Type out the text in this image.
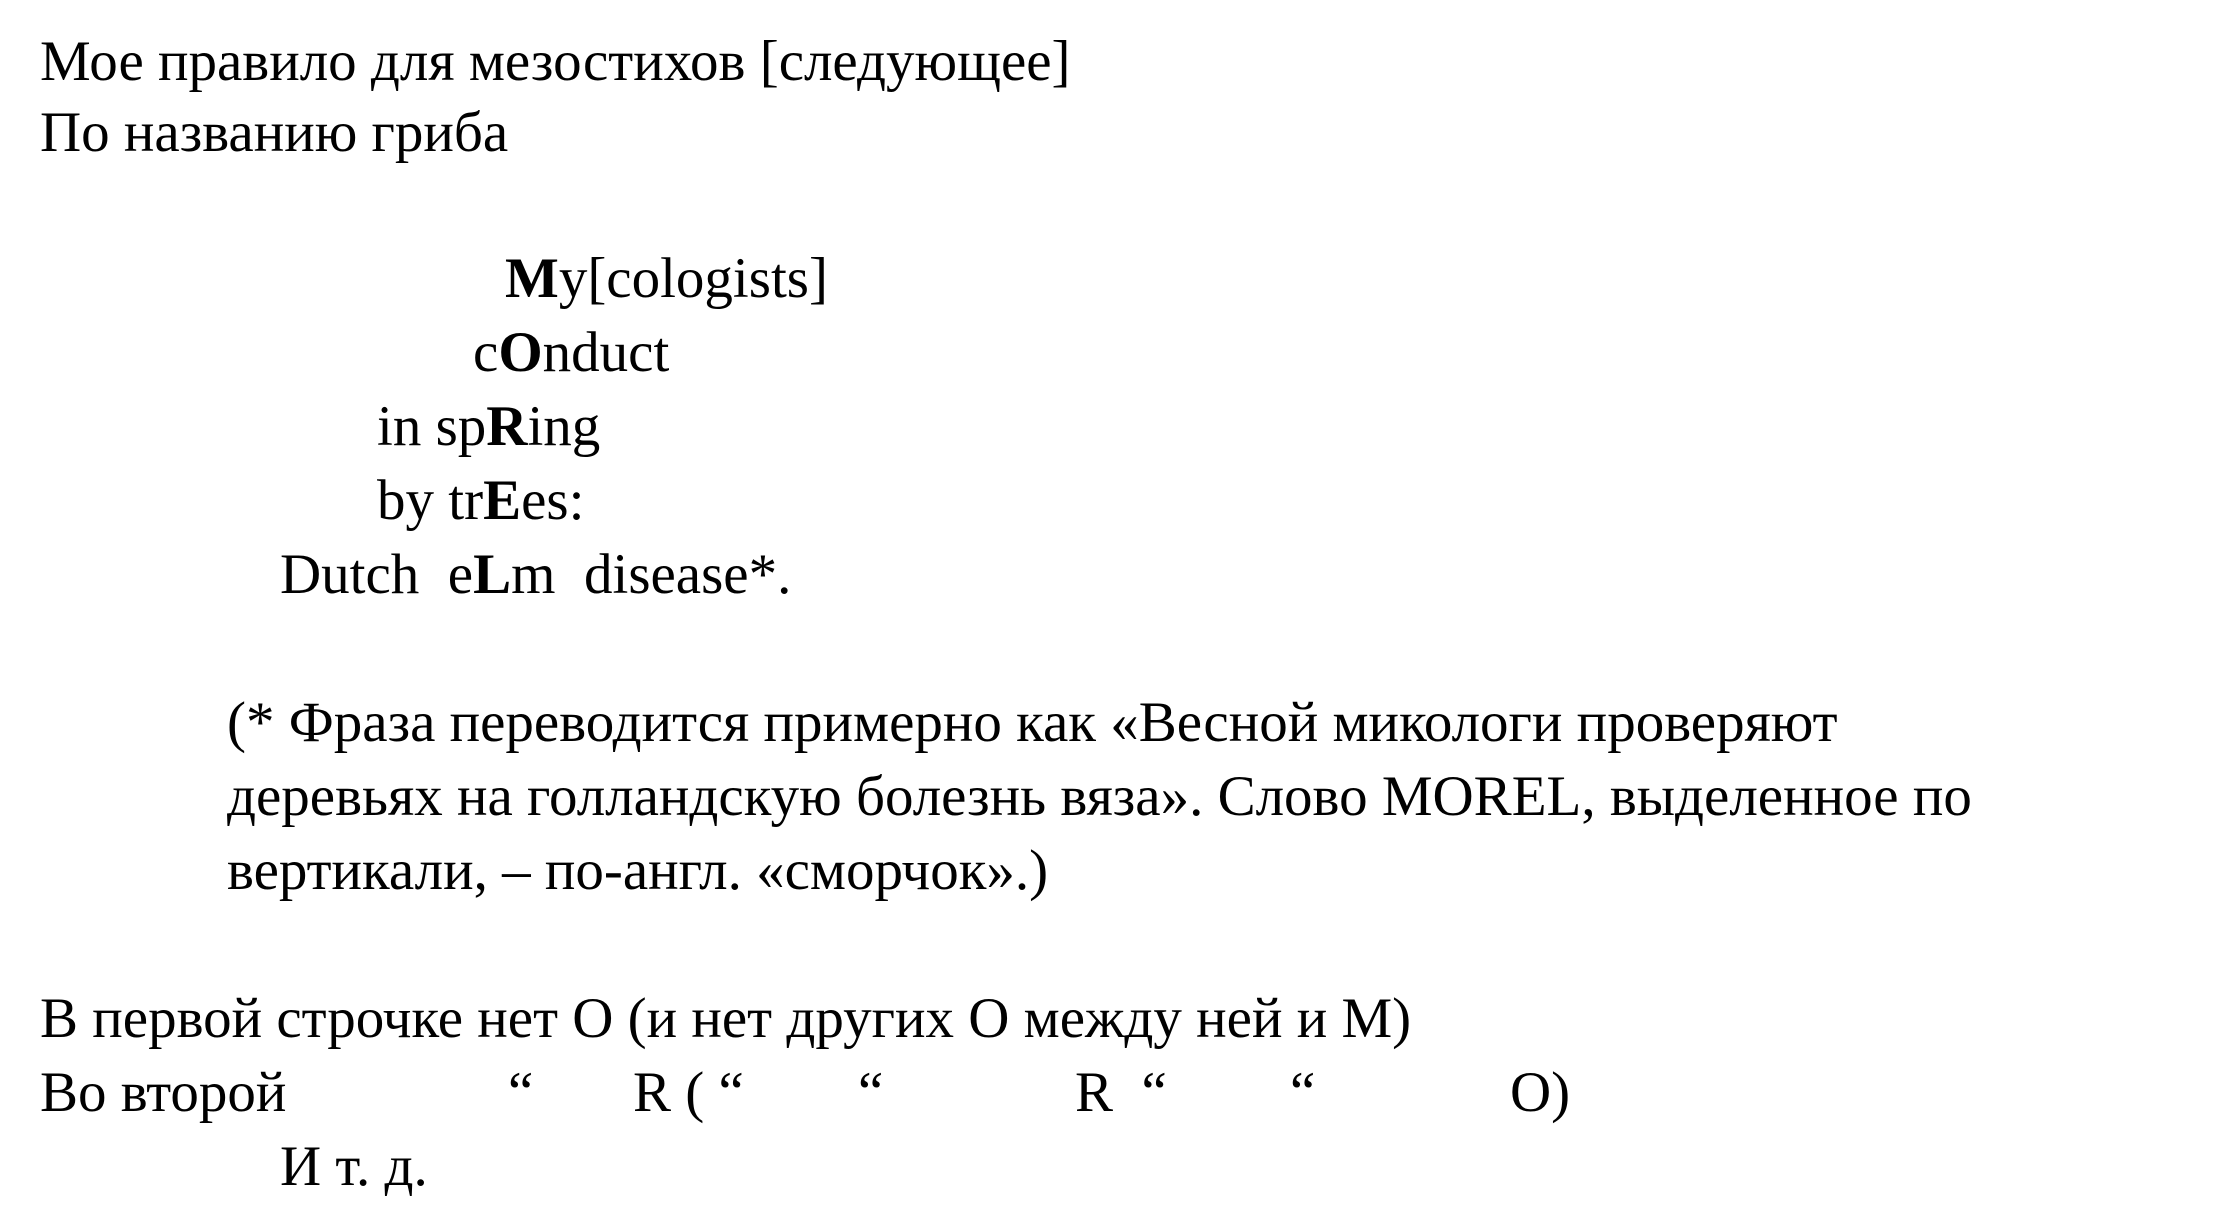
Мое правило для мезостихов [следующее]

По названию гриба

My[cologists]

cOnduct

in spRing

by trEes:

Dutch  eLm  disease*.

(* Фраза переводится примерно как «Весной микологи проверяют

деревьях на голландскую болезнь вяза». Слово MOREL, выделенное по

вертикали, – по-англ. «сморчок».)

В первой строчке нет О (и нет других О между ней и М)

Во второй	“ R ( “ “	R  “ “	О)

И т. д.
